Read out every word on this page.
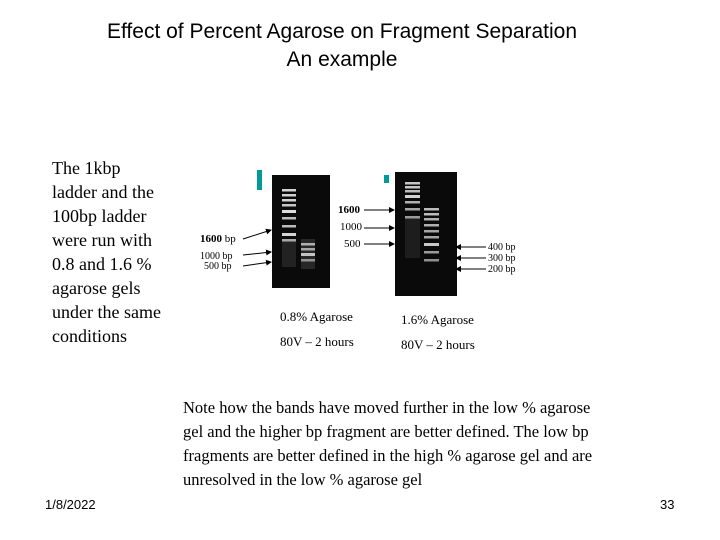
Effect of Percent Agarose on Fragment Separation
An example
The 1kbp ladder and the 100bp ladder were run with 0.8 and 1.6 % agarose gels under the same conditions
1600 bp
1000 bp
500 bp
1600
1000
500	400 bp
300 bp
200 bp
0.8% Agarose
80V – 2 hours
1.6% Agarose
80V – 2 hours
Note how the bands have moved further in the low % agarose gel and the higher bp fragment are better defined. The low bp fragments are better defined in the high % agarose gel and are unresolved in the low % agarose gel
1/8/2022	33
